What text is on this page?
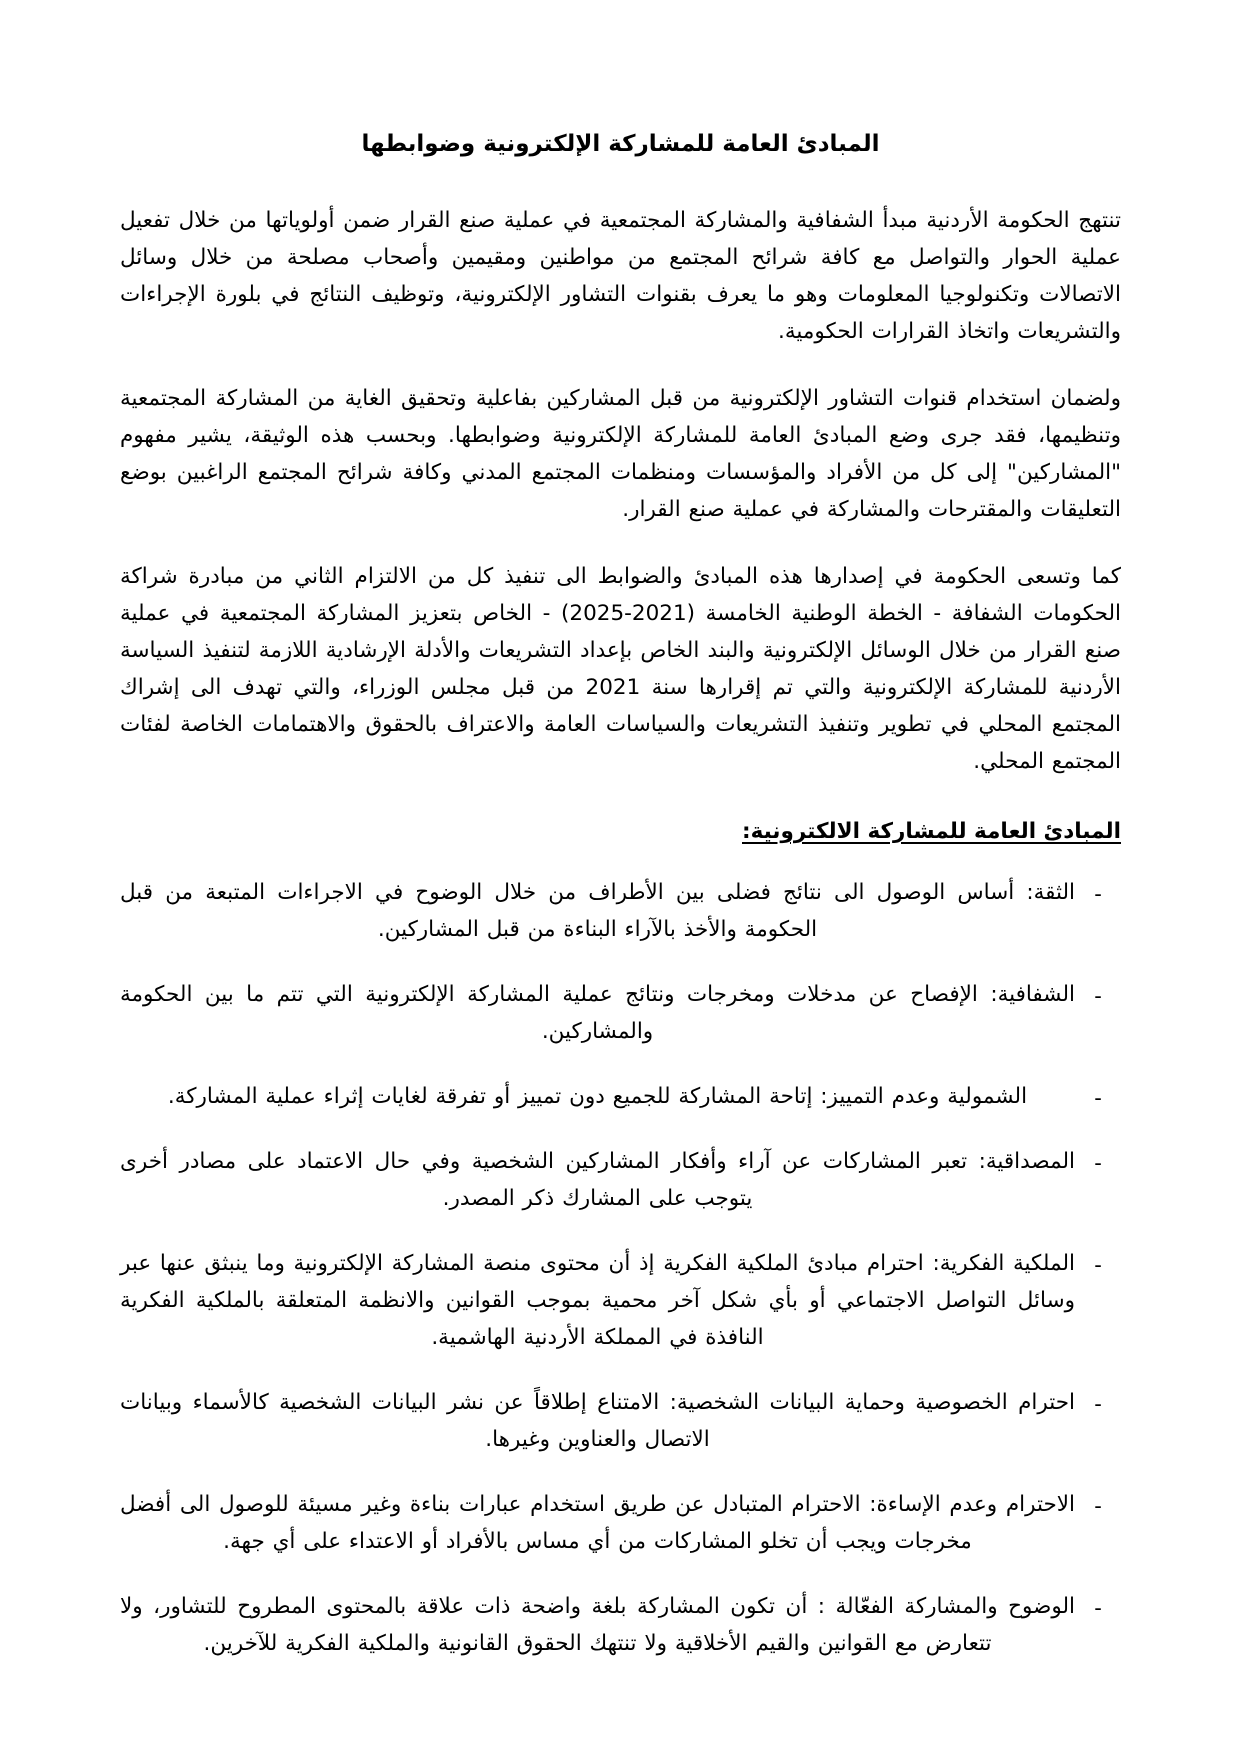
المبادئ العامة للمشاركة الإلكترونية وضوابطها

تنتهج الحكومة الأردنية مبدأ الشفافية والمشاركة المجتمعية في عملية صنع القرار ضمن أولوياتها من خلال تفعيل عملية الحوار والتواصل مع كافة شرائح المجتمع من مواطنين ومقيمين وأصحاب مصلحة من خلال وسائل الاتصالات وتكنولوجيا المعلومات وهو ما يعرف بقنوات التشاور الإلكترونية، وتوظيف النتائج في بلورة الإجراءات والتشريعات واتخاذ القرارات الحكومية.

ولضمان استخدام قنوات التشاور الإلكترونية من قبل المشاركين بفاعلية وتحقيق الغاية من المشاركة المجتمعية وتنظيمها، فقد جرى وضع المبادئ العامة للمشاركة الإلكترونية وضوابطها. وبحسب هذه الوثيقة، يشير مفهوم "المشاركين" إلى كل من الأفراد والمؤسسات ومنظمات المجتمع المدني وكافة شرائح المجتمع الراغبين بوضع التعليقات والمقترحات والمشاركة في عملية صنع القرار.

كما وتسعى الحكومة في إصدارها هذه المبادئ والضوابط الى تنفيذ كل من الالتزام الثاني من مبادرة شراكة الحكومات الشفافة - الخطة الوطنية الخامسة (2021-2025) - الخاص بتعزيز المشاركة المجتمعية في عملية صنع القرار من خلال الوسائل الإلكترونية والبند الخاص بإعداد التشريعات والأدلة الإرشادية اللازمة لتنفيذ السياسة الأردنية للمشاركة الإلكترونية والتي تم إقرارها سنة 2021 من قبل مجلس الوزراء، والتي تهدف الى إشراك المجتمع المحلي في تطوير وتنفيذ التشريعات والسياسات العامة والاعتراف بالحقوق والاهتمامات الخاصة لفئات المجتمع المحلي.

المبادئ العامة للمشاركة الالكترونية:
-
الثقة: أساس الوصول الى نتائج فضلى بين الأطراف من خلال الوضوح في الاجراءات المتبعة من قبل الحكومة والأخذ بالآراء البناءة من قبل المشاركين.
-
الشفافية: الإفصاح عن مدخلات ومخرجات ونتائج عملية المشاركة الإلكترونية التي تتم ما بين الحكومة والمشاركين.
-
الشمولية وعدم التمييز: إتاحة المشاركة للجميع دون تمييز أو تفرقة لغايات إثراء عملية المشاركة.
-
المصداقية: تعبر المشاركات عن آراء وأفكار المشاركين الشخصية وفي حال الاعتماد على مصادر أخرى يتوجب على المشارك ذكر المصدر.
-
الملكية الفكرية: احترام مبادئ الملكية الفكرية إذ أن محتوى منصة المشاركة الإلكترونية وما ينبثق عنها عبر وسائل التواصل الاجتماعي أو بأي شكل آخر محمية بموجب القوانين والانظمة المتعلقة بالملكية الفكرية النافذة في المملكة الأردنية الهاشمية.
-
احترام الخصوصية وحماية البيانات الشخصية: الامتناع إطلاقاً عن نشر البيانات الشخصية كالأسماء وبيانات الاتصال والعناوين وغيرها.
-
الاحترام وعدم الإساءة: الاحترام المتبادل عن طريق استخدام عبارات بناءة وغير مسيئة للوصول الى أفضل مخرجات ويجب أن تخلو المشاركات من أي مساس بالأفراد أو الاعتداء على أي جهة.
-
الوضوح والمشاركة الفعّالة : أن تكون المشاركة بلغة واضحة ذات علاقة بالمحتوى المطروح للتشاور، ولا تتعارض مع القوانين والقيم الأخلاقية ولا تنتهك الحقوق القانونية والملكية الفكرية للآخرين.
